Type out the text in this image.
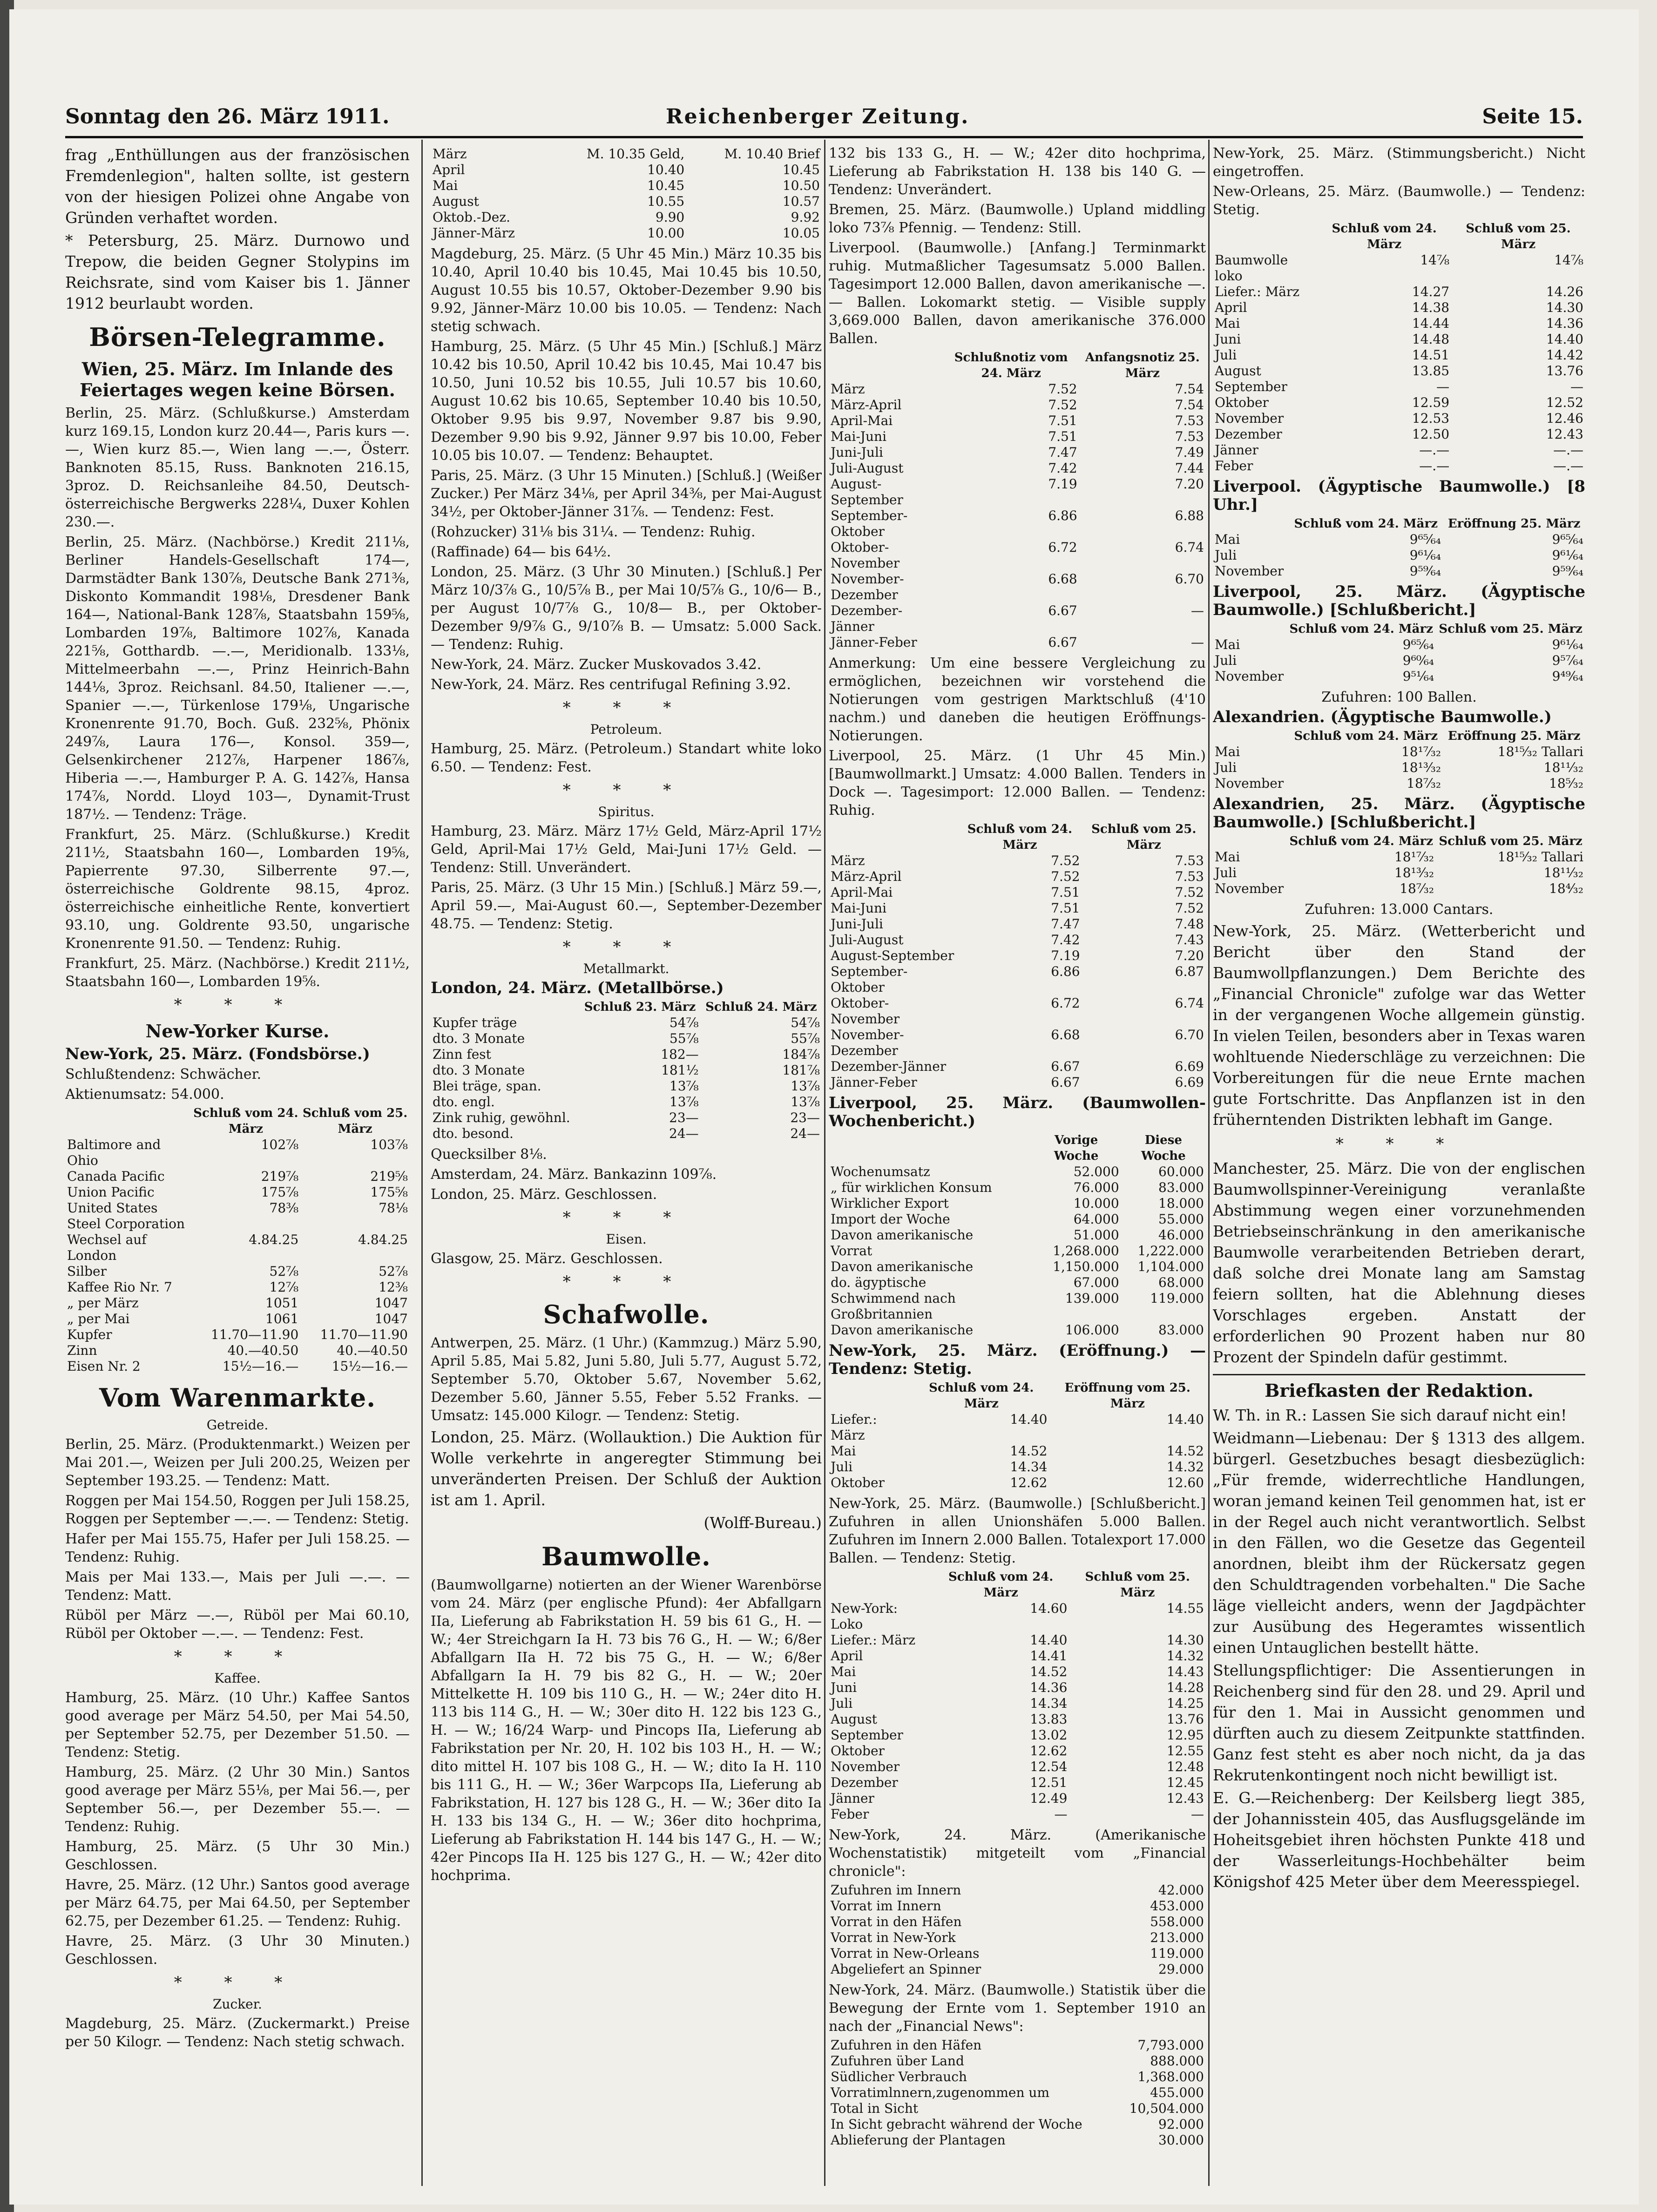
Sonntag den 26. März 1911.	Reichenberger Zeitung.	Seite 15.

frag „Enthüllungen aus der französischen Fremdenlegion", halten sollte, ist gestern von der hiesigen Polizei ohne Angabe von Gründen verhaftet worden.

* Petersburg, 25. März. Durnowo und Trepow, die beiden Gegner Stolypins im Reichsrate, sind vom Kaiser bis 1. Jänner 1912 beurlaubt worden.

Börsen-Telegramme.
Wien, 25. März. Im Inlande des Feiertages wegen keine Börsen.

Berlin, 25. März. (Schlußkurse.) Amsterdam kurz 169.15, London kurz 20.44—, Paris kurs —.—, Wien kurz 85.—, Wien lang —.—, Österr. Banknoten 85.15, Russ. Banknoten 216.15, 3proz. D. Reichsanleihe 84.50, Deutsch-österreichische Bergwerks 228¼, Duxer Kohlen 230.—.

Berlin, 25. März. (Nachbörse.) Kredit 211⅛, Berliner Handels-Gesellschaft 174—, Darmstädter Bank 130⅞, Deutsche Bank 271⅜, Diskonto Kommandit 198⅛, Dresdener Bank 164—, National-Bank 128⅞, Staatsbahn 159⅝, Lombarden 19⅞, Baltimore 102⅞, Kanada 221⅝, Gotthardb. —.—, Meridionalb. 133⅛, Mittelmeerbahn —.—, Prinz Heinrich-Bahn 144⅛, 3proz. Reichsanl. 84.50, Italiener —.—, Spanier —.—, Türkenlose 179⅛, Ungarische Kronenrente 91.70, Boch. Guß. 232⅝, Phönix 249⅞, Laura 176—, Konsol. 359—, Gelsenkirchener 212⅞, Harpener 186⅞, Hiberia —.—, Hamburger P. A. G. 142⅞, Hansa 174⅞, Nordd. Lloyd 103—, Dynamit-Trust 187½. — Tendenz: Träge.

Frankfurt, 25. März. (Schlußkurse.) Kredit 211½, Staatsbahn 160—, Lombarden 19⅝, Papierrente 97.30, Silberrente 97.—, österreichische Goldrente 98.15, 4proz. österreichische einheitliche Rente, konvertiert 93.10, ung. Goldrente 93.50, ungarische Kronenrente 91.50. — Tendenz: Ruhig.

Frankfurt, 25. März. (Nachbörse.) Kredit 211½, Staatsbahn 160—, Lombarden 19⅝.

* * *
New-Yorker Kurse.

New-York, 25. März. (Fondsbörse.)

Schlußtendenz: Schwächer.

Aktienumsatz: 54.000.

	Schluß vom 24. März	Schluß vom 25. März
Baltimore and Ohio	102⅞	103⅞
Canada Pacific	219⅞	219⅝
Union Pacific	175⅞	175⅝
United States Steel Corporation	78⅜	78⅛
Wechsel auf London	4.84.25	4.84.25
Silber	52⅞	52⅞
Kaffee Rio Nr. 7	12⅞	12⅜
„ per März	1051	1047
„ per Mai	1061	1047
Kupfer	11.70—11.90	11.70—11.90
Zinn	40.—40.50	40.—40.50
Eisen Nr. 2	15½—16.—	15½—16.—
Vom Warenmarkte.
Getreide.

Berlin, 25. März. (Produktenmarkt.) Weizen per Mai 201.—, Weizen per Juli 200.25, Weizen per September 193.25. — Tendenz: Matt.

Roggen per Mai 154.50, Roggen per Juli 158.25, Roggen per September —.—. — Tendenz: Stetig.

Hafer per Mai 155.75, Hafer per Juli 158.25. — Tendenz: Ruhig.

Mais per Mai 133.—, Mais per Juli —.—. — Tendenz: Matt.

Rüböl per März —.—, Rüböl per Mai 60.10, Rüböl per Oktober —.—. — Tendenz: Fest.

* * *
Kaffee.

Hamburg, 25. März. (10 Uhr.) Kaffee Santos good average per März 54.50, per Mai 54.50, per September 52.75, per Dezember 51.50. — Tendenz: Stetig.

Hamburg, 25. März. (2 Uhr 30 Min.) Santos good average per März 55⅛, per Mai 56.—, per September 56.—, per Dezember 55.—. — Tendenz: Ruhig.

Hamburg, 25. März. (5 Uhr 30 Min.) Geschlossen.

Havre, 25. März. (12 Uhr.) Santos good average per März 64.75, per Mai 64.50, per September 62.75, per Dezember 61.25. — Tendenz: Ruhig.

Havre, 25. März. (3 Uhr 30 Minuten.) Geschlossen.

* * *
Zucker.

Magdeburg, 25. März. (Zuckermarkt.) Preise per 50 Kilogr. — Tendenz: Nach stetig schwach.

März	M. 10.35 Geld,	M. 10.40 Brief
April	10.40	10.45
Mai	10.45	10.50
August	10.55	10.57
Oktob.-Dez.	9.90	9.92
Jänner-März	10.00	10.05

Magdeburg, 25. März. (5 Uhr 45 Min.) März 10.35 bis 10.40, April 10.40 bis 10.45, Mai 10.45 bis 10.50, August 10.55 bis 10.57, Oktober-Dezember 9.90 bis 9.92, Jänner-März 10.00 bis 10.05. — Tendenz: Nach stetig schwach.

Hamburg, 25. März. (5 Uhr 45 Min.) [Schluß.] März 10.42 bis 10.50, April 10.42 bis 10.45, Mai 10.47 bis 10.50, Juni 10.52 bis 10.55, Juli 10.57 bis 10.60, August 10.62 bis 10.65, September 10.40 bis 10.50, Oktober 9.95 bis 9.97, November 9.87 bis 9.90, Dezember 9.90 bis 9.92, Jänner 9.97 bis 10.00, Feber 10.05 bis 10.07. — Tendenz: Behauptet.

Paris, 25. März. (3 Uhr 15 Minuten.) [Schluß.] (Weißer Zucker.) Per März 34⅛, per April 34⅜, per Mai-August 34½, per Oktober-Jänner 31⅞. — Tendenz: Fest.

(Rohzucker) 31⅛ bis 31¼. — Tendenz: Ruhig.

(Raffinade) 64— bis 64½.

London, 25. März. (3 Uhr 30 Minuten.) [Schluß.] Per März 10/3⅞ G., 10/5⅞ B., per Mai 10/5⅞ G., 10/6— B., per August 10/7⅞ G., 10/8— B., per Oktober-Dezember 9/9⅞ G., 9/10⅞ B. — Umsatz: 5.000 Sack. — Tendenz: Ruhig.

New-York, 24. März. Zucker Muskovados 3.42.

New-York, 24. März. Res centrifugal Refining 3.92.

* * *
Petroleum.

Hamburg, 25. März. (Petroleum.) Standart white loko 6.50. — Tendenz: Fest.

* * *
Spiritus.

Hamburg, 23. März. März 17½ Geld, März-April 17½ Geld, April-Mai 17½ Geld, Mai-Juni 17½ Geld. — Tendenz: Still. Unverändert.

Paris, 25. März. (3 Uhr 15 Min.) [Schluß.] März 59.—, April 59.—, Mai-August 60.—, September-Dezember 48.75. — Tendenz: Stetig.

* * *
Metallmarkt.

London, 24. März. (Metallbörse.)

	Schluß 23. März	Schluß 24. März
Kupfer träge	54⅞	54⅞
dto. 3 Monate	55⅞	55⅞
Zinn fest	182—	184⅞
dto. 3 Monate	181½	181⅞
Blei träge, span.	13⅞	13⅞
dto. engl.	13⅞	13⅞
Zink ruhig, gewöhnl.	23—	23—
dto. besond.	24—	24—

Quecksilber 8⅛.

Amsterdam, 24. März. Bankazinn 109⅞.

London, 25. März. Geschlossen.

* * *
Eisen.

Glasgow, 25. März. Geschlossen.

* * *
Schafwolle.

Antwerpen, 25. März. (1 Uhr.) (Kammzug.) März 5.90, April 5.85, Mai 5.82, Juni 5.80, Juli 5.77, August 5.72, September 5.70, Oktober 5.67, November 5.62, Dezember 5.60, Jänner 5.55, Feber 5.52 Franks. — Umsatz: 145.000 Kilogr. — Tendenz: Stetig.

London, 25. März. (Wollauktion.) Die Auktion für Wolle verkehrte in angeregter Stimmung bei unveränderten Preisen. Der Schluß der Auktion ist am 1. April.

(Wolff-Bureau.)

Baumwolle.

(Baumwollgarne) notierten an der Wiener Warenbörse vom 24. März (per englische Pfund): 4er Abfallgarn IIa, Lieferung ab Fabrikstation H. 59 bis 61 G., H. — W.; 4er Streichgarn Ia H. 73 bis 76 G., H. — W.; 6/8er Abfallgarn IIa H. 72 bis 75 G., H. — W.; 6/8er Abfallgarn Ia H. 79 bis 82 G., H. — W.; 20er Mittelkette H. 109 bis 110 G., H. — W.; 24er dito H. 113 bis 114 G., H. — W.; 30er dito H. 122 bis 123 G., H. — W.; 16/24 Warp- und Pincops IIa, Lieferung ab Fabrikstation per Nr. 20, H. 102 bis 103 H., H. — W.; dito mittel H. 107 bis 108 G., H. — W.; dito Ia H. 110 bis 111 G., H. — W.; 36er Warpcops IIa, Lieferung ab Fabrikstation, H. 127 bis 128 G., H. — W.; 36er dito Ia H. 133 bis 134 G., H. — W.; 36er dito hochprima, Lieferung ab Fabrikstation H. 144 bis 147 G., H. — W.; 42er Pincops IIa H. 125 bis 127 G., H. — W.; 42er dito hochprima.

132 bis 133 G., H. — W.; 42er dito hochprima, Lieferung ab Fabrikstation H. 138 bis 140 G. — Tendenz: Unverändert.

Bremen, 25. März. (Baumwolle.) Upland middling loko 73⅞ Pfennig. — Tendenz: Still.

Liverpool. (Baumwolle.) [Anfang.] Terminmarkt ruhig. Mutmaßlicher Tagesumsatz 5.000 Ballen. Tagesimport 12.000 Ballen, davon amerikanische —.— Ballen. Lokomarkt stetig. — Visible supply 3,669.000 Ballen, davon amerikanische 376.000 Ballen.

	Schlußnotiz vom 24. März	Anfangsnotiz 25. März
März	7.52	7.54
März-April	7.52	7.54
April-Mai	7.51	7.53
Mai-Juni	7.51	7.53
Juni-Juli	7.47	7.49
Juli-August	7.42	7.44
August-September	7.19	7.20
September-Oktober	6.86	6.88
Oktober-November	6.72	6.74
November-Dezember	6.68	6.70
Dezember-Jänner	6.67	—
Jänner-Feber	6.67	—

Anmerkung: Um eine bessere Vergleichung zu ermöglichen, bezeichnen wir vorstehend die Notierungen vom gestrigen Marktschluß (4'10 nachm.) und daneben die heutigen Eröffnungs-Notierungen.

Liverpool, 25. März. (1 Uhr 45 Min.) [Baumwollmarkt.] Umsatz: 4.000 Ballen. Tenders in Dock —. Tagesimport: 12.000 Ballen. — Tendenz: Ruhig.

	Schluß vom 24. März	Schluß vom 25. März
März	7.52	7.53
März-April	7.52	7.53
April-Mai	7.51	7.52
Mai-Juni	7.51	7.52
Juni-Juli	7.47	7.48
Juli-August	7.42	7.43
August-September	7.19	7.20
September-Oktober	6.86	6.87
Oktober-November	6.72	6.74
November-Dezember	6.68	6.70
Dezember-Jänner	6.67	6.69
Jänner-Feber	6.67	6.69

Liverpool, 25. März. (Baumwollen-Wochenbericht.)

	Vorige Woche	Diese Woche
Wochenumsatz	52.000	60.000
„ für wirklichen Konsum	76.000	83.000
Wirklicher Export	10.000	18.000
Import der Woche	64.000	55.000
Davon amerikanische	51.000	46.000
Vorrat	1,268.000	1,222.000
Davon amerikanische	1,150.000	1,104.000
do. ägyptische	67.000	68.000
Schwimmend nach Großbritannien	139.000	119.000
Davon amerikanische	106.000	83.000

New-York, 25. März. (Eröffnung.) — Tendenz: Stetig.

	Schluß vom 24. März	Eröffnung vom 25. März
Liefer.: März	14.40	14.40
Mai	14.52	14.52
Juli	14.34	14.32
Oktober	12.62	12.60

New-York, 25. März. (Baumwolle.) [Schlußbericht.] Zufuhren in allen Unionshäfen 5.000 Ballen. Zufuhren im Innern 2.000 Ballen. Totalexport 17.000 Ballen. — Tendenz: Stetig.

	Schluß vom 24. März	Schluß vom 25. März
New-York: Loko	14.60	14.55
Liefer.: März	14.40	14.30
April	14.41	14.32
Mai	14.52	14.43
Juni	14.36	14.28
Juli	14.34	14.25
August	13.83	13.76
September	13.02	12.95
Oktober	12.62	12.55
November	12.54	12.48
Dezember	12.51	12.45
Jänner	12.49	12.43
Feber	—	—

New-York, 24. März. (Amerikanische Wochenstatistik) mitgeteilt vom „Financial chronicle":

Zufuhren im Innern	42.000
Vorrat im Innern	453.000
Vorrat in den Häfen	558.000
Vorrat in New-York	213.000
Vorrat in New-Orleans	119.000
Abgeliefert an Spinner	29.000

New-York, 24. März. (Baumwolle.) Statistik über die Bewegung der Ernte vom 1. September 1910 an nach der „Financial News":

Zufuhren in den Häfen	7,793.000
Zufuhren über Land	888.000
Südlicher Verbrauch	1,368.000
Vorratimlnnern,zugenommen um	455.000
Total in Sicht	10,504.000
In Sicht gebracht während der Woche	92.000
Ablieferung der Plantagen	30.000

New-York, 25. März. (Stimmungsbericht.) Nicht eingetroffen.

New-Orleans, 25. März. (Baumwolle.) — Tendenz: Stetig.

	Schluß vom 24. März	Schluß vom 25. März
Baumwolle loko	14⅞	14⅞
Liefer.: März	14.27	14.26
April	14.38	14.30
Mai	14.44	14.36
Juni	14.48	14.40
Juli	14.51	14.42
August	13.85	13.76
September	—	—
Oktober	12.59	12.52
November	12.53	12.46
Dezember	12.50	12.43
Jänner	—.—	—.—
Feber	—.—	—.—

Liverpool. (Ägyptische Baumwolle.) [8 Uhr.]

	Schluß vom 24. März	Eröffnung 25. März
Mai	9⁶⁵⁄₆₄	9⁶⁵⁄₆₄
Juli	9⁶¹⁄₆₄	9⁶¹⁄₆₄
November	9⁵⁹⁄₆₄	9⁵⁹⁄₆₄

Liverpool, 25. März. (Ägyptische Baumwolle.) [Schlußbericht.]

	Schluß vom 24. März	Schluß vom 25. März
Mai	9⁶⁵⁄₆₄	9⁶¹⁄₆₄
Juli	9⁶⁰⁄₆₄	9⁵⁷⁄₆₄
November	9⁵¹⁄₆₄	9⁴⁹⁄₆₄

Zufuhren: 100 Ballen.

Alexandrien. (Ägyptische Baumwolle.)

	Schluß vom 24. März	Eröffnung 25. März
Mai	18¹⁷⁄₃₂	18¹⁵⁄₃₂ Tallari
Juli	18¹³⁄₃₂	18¹¹⁄₃₂
November	18⁷⁄₃₂	18⁵⁄₃₂

Alexandrien, 25. März. (Ägyptische Baumwolle.) [Schlußbericht.]

	Schluß vom 24. März	Schluß vom 25. März
Mai	18¹⁷⁄₃₂	18¹⁵⁄₃₂ Tallari
Juli	18¹³⁄₃₂	18¹¹⁄₃₂
November	18⁷⁄₃₂	18⁴⁄₃₂

Zufuhren: 13.000 Cantars.

New-York, 25. März. (Wetterbericht und Bericht über den Stand der Baumwollpflanzungen.) Dem Berichte des „Financial Chronicle" zufolge war das Wetter in der vergangenen Woche allgemein günstig. In vielen Teilen, besonders aber in Texas waren wohltuende Niederschläge zu verzeichnen: Die Vorbereitungen für die neue Ernte machen gute Fortschritte. Das Anpflanzen ist in den früherntenden Distrikten lebhaft im Gange.

* * *

Manchester, 25. März. Die von der englischen Baumwollspinner-Vereinigung veranlaßte Abstimmung wegen einer vorzunehmenden Betriebseinschränkung in den amerikanische Baumwolle verarbeitenden Betrieben derart, daß solche drei Monate lang am Samstag feiern sollten, hat die Ablehnung dieses Vorschlages ergeben. Anstatt der erforderlichen 90 Prozent haben nur 80 Prozent der Spindeln dafür gestimmt.

Briefkasten der Redaktion.

W. Th. in R.: Lassen Sie sich darauf nicht ein!

Weidmann—Liebenau: Der § 1313 des allgem. bürgerl. Gesetzbuches besagt diesbezüglich: „Für fremde, widerrechtliche Handlungen, woran jemand keinen Teil genommen hat, ist er in der Regel auch nicht verantwortlich. Selbst in den Fällen, wo die Gesetze das Gegenteil anordnen, bleibt ihm der Rückersatz gegen den Schuldtragenden vorbehalten." Die Sache läge vielleicht anders, wenn der Jagdpächter zur Ausübung des Hegeramtes wissentlich einen Untauglichen bestellt hätte.

Stellungspflichtiger: Die Assentierungen in Reichenberg sind für den 28. und 29. April und für den 1. Mai in Aussicht genommen und dürften auch zu diesem Zeitpunkte stattfinden. Ganz fest steht es aber noch nicht, da ja das Rekrutenkontingent noch nicht bewilligt ist.

E. G.—Reichenberg: Der Keilsberg liegt 385, der Johannisstein 405, das Ausflugsgelände im Hoheitsgebiet ihren höchsten Punkte 418 und der Wasserleitungs-Hochbehälter beim Königshof 425 Meter über dem Meeresspiegel.
